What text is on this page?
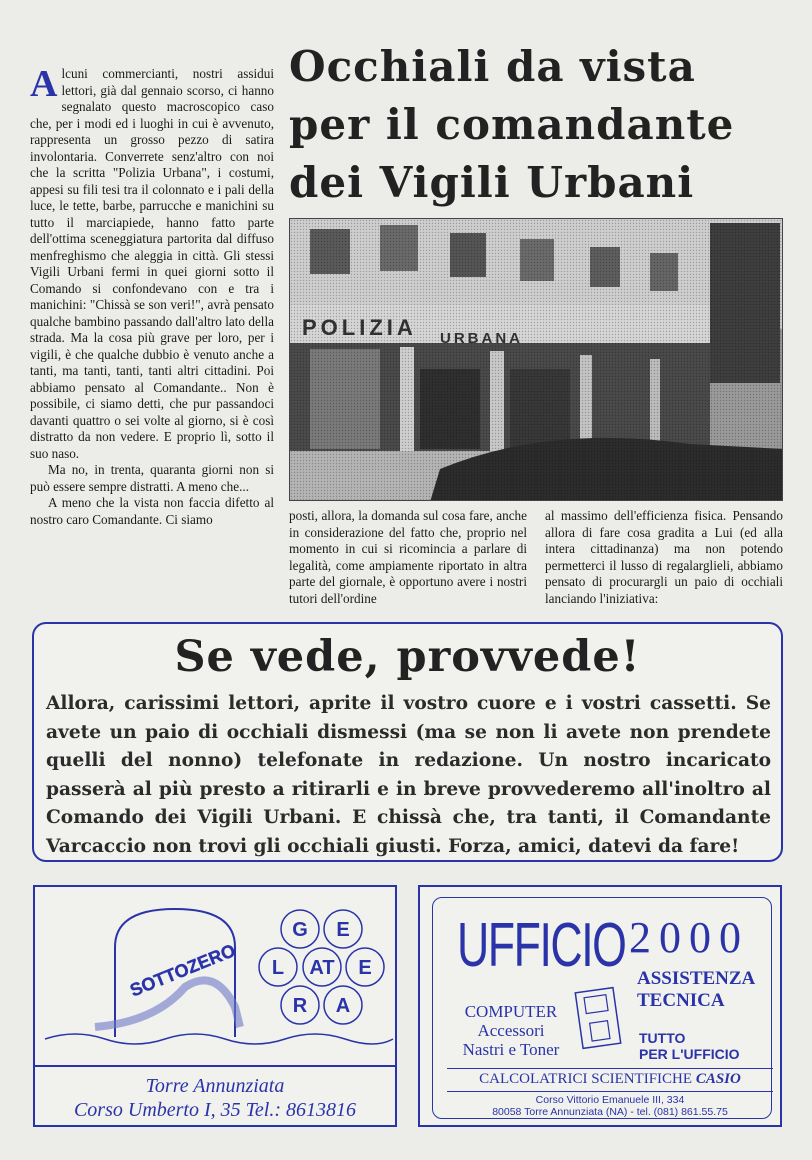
A lcuni commercianti, nostri assidui lettori, già dal gennaio scorso, ci hanno segnalato questo macroscopico caso che, per i modi ed i luoghi in cui è avvenuto, rappresenta un grosso pezzo di satira involontaria. Converrete senz'altro con noi che la scritta "Polizia Urbana", i costumi, appesi su fili tesi tra il colonnato e i pali della luce, le tette, barbe, parrucche e manichini su tutto il marciapiede, hanno fatto parte dell'ottima sceneggiatura partorita dal diffuso menfreghismo che aleggia in città. Gli stessi Vigili Urbani fermi in quei giorni sotto il Comando si confondevano con e tra i manichini: "Chissà se son veri!", avrà pensato qualche bambino passando dall'altro lato della strada. Ma la cosa più grave per loro, per i vigili, è che qualche dubbio è venuto anche a tanti, ma tanti, tanti, tanti altri cittadini. Poi abbiamo pensato al Comandante.. Non è possibile, ci siamo detti, che pur passandoci davanti quattro o sei volte al giorno, si è così distratto da non vedere. E proprio lì, sotto il suo naso.

Ma no, in trenta, quaranta giorni non si può essere sempre distratti. A meno che...

A meno che la vista non faccia difetto al nostro caro Comandante. Ci siamo

Occhiali da vista
per il comandante
dei Vigili Urbani
posti, allora, la domanda sul cosa fare, anche in considerazione del fatto che, proprio nel momento in cui si ricomincia a parlare di legalità, come ampiamente riportato in altra parte del giornale, è opportuno avere i nostri tutori dell'ordine
al massimo dell'efficienza fisica. Pensando allora di fare cosa gradita a Lui (ed alla intera cittadinanza) ma non potendo permetterci il lusso di regalarglieli, abbiamo pensato di procurargli un paio di occhiali lanciando l'iniziativa:
Se vede, provvede!
Allora, carissimi lettori, aprite il vostro cuore e i vostri cassetti. Se avete un paio di occhiali dismessi (ma se non li avete non prendete quelli del nonno) telefonate in redazione. Un nostro incaricato passerà al più presto a ritirarli e in breve provvederemo all'inoltro al Comando dei Vigili Urbani. E chissà che, tra tanti, il Comandante Varcaccio non trovi gli occhiali giusti. Forza, amici, datevi da fare!
SOTTOZERO
G E
L AT E
R A
Torre Annunziata
Corso Umberto I, 35 Tel.: 8613816
UFFICIO 2000
ASSISTENZA
TECNICA
COMPUTER
Accessori
Nastri e Toner
TUTTO
PER L'UFFICIO
CALCOLATRICI SCIENTIFICHE CASIO
Corso Vittorio Emanuele III, 334
80058 Torre Annunziata (NA) - tel. (081) 861.55.75
